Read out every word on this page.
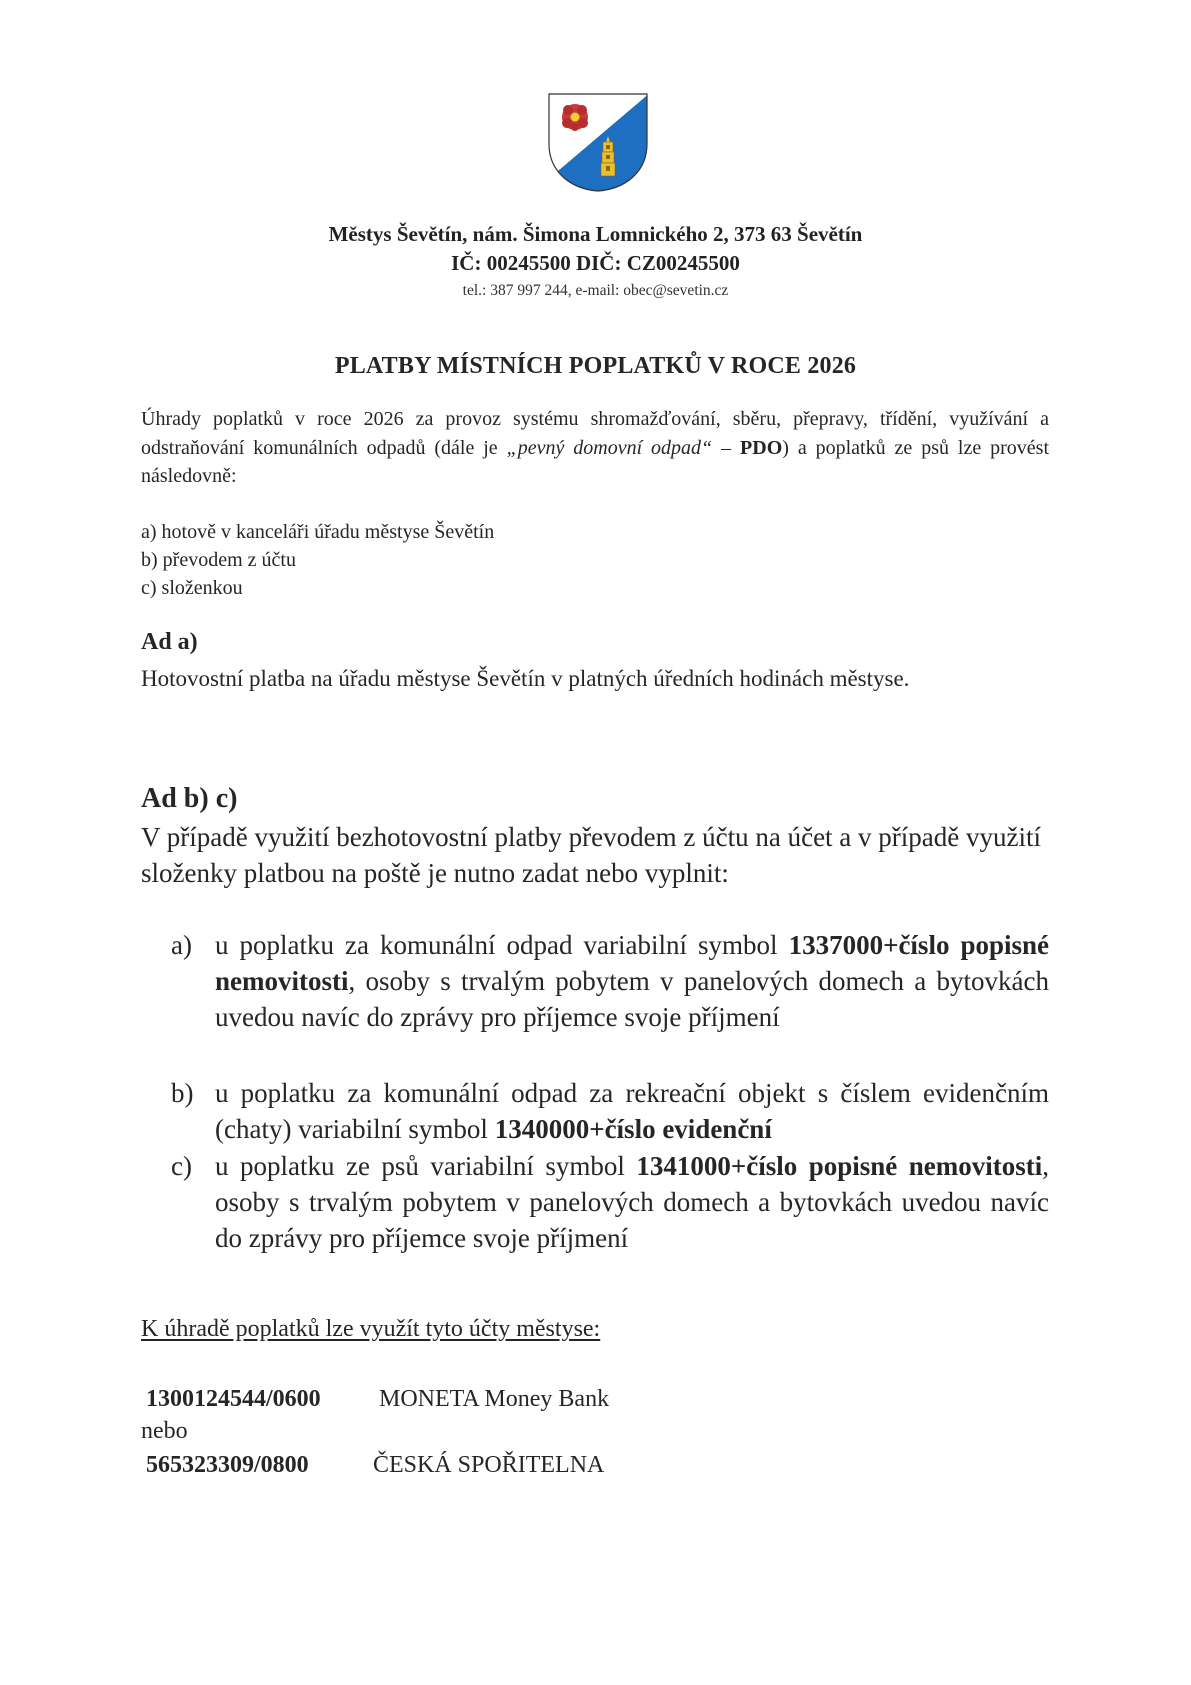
Městys Ševětín, nám. Šimona Lomnického 2, 373 63 Ševětín
IČ: 00245500 DIČ: CZ00245500
tel.: 387 997 244, e-mail: obec@sevetin.cz
PLATBY MÍSTNÍCH POPLATKŮ V ROCE 2026
Úhrady poplatků v roce 2026 za provoz systému shromažďování, sběru, přepravy, třídění, využívání a odstraňování komunálních odpadů (dále je „pevný domovní odpad“ – PDO) a poplatků ze psů lze provést následovně:
a) hotově v kanceláři úřadu městyse Ševětín
b) převodem z účtu
c) složenkou
Ad a)
Hotovostní platba na úřadu městyse Ševětín v platných úředních hodinách městyse.
Ad b) c)
V případě využití bezhotovostní platby převodem z účtu na účet a v případě využití složenky platbou na poště je nutno zadat nebo vyplnit:
a) u poplatku za komunální odpad variabilní symbol 1337000+číslo popisné nemovitosti, osoby s trvalým pobytem v panelových domech a bytovkách uvedou navíc do zprávy pro příjemce svoje příjmení
b) u poplatku za komunální odpad za rekreační objekt s číslem evidenčním (chaty) variabilní symbol 1340000+číslo evidenční
c) u poplatku ze psů variabilní symbol 1341000+číslo popisné nemovitosti, osoby s trvalým pobytem v panelových domech a bytovkách uvedou navíc do zprávy pro příjemce svoje příjmení
K úhradě poplatků lze využít tyto účty městyse:
1300124544/0600 MONETA Money Bank
nebo
565323309/0800	ČESKÁ SPOŘITELNA
